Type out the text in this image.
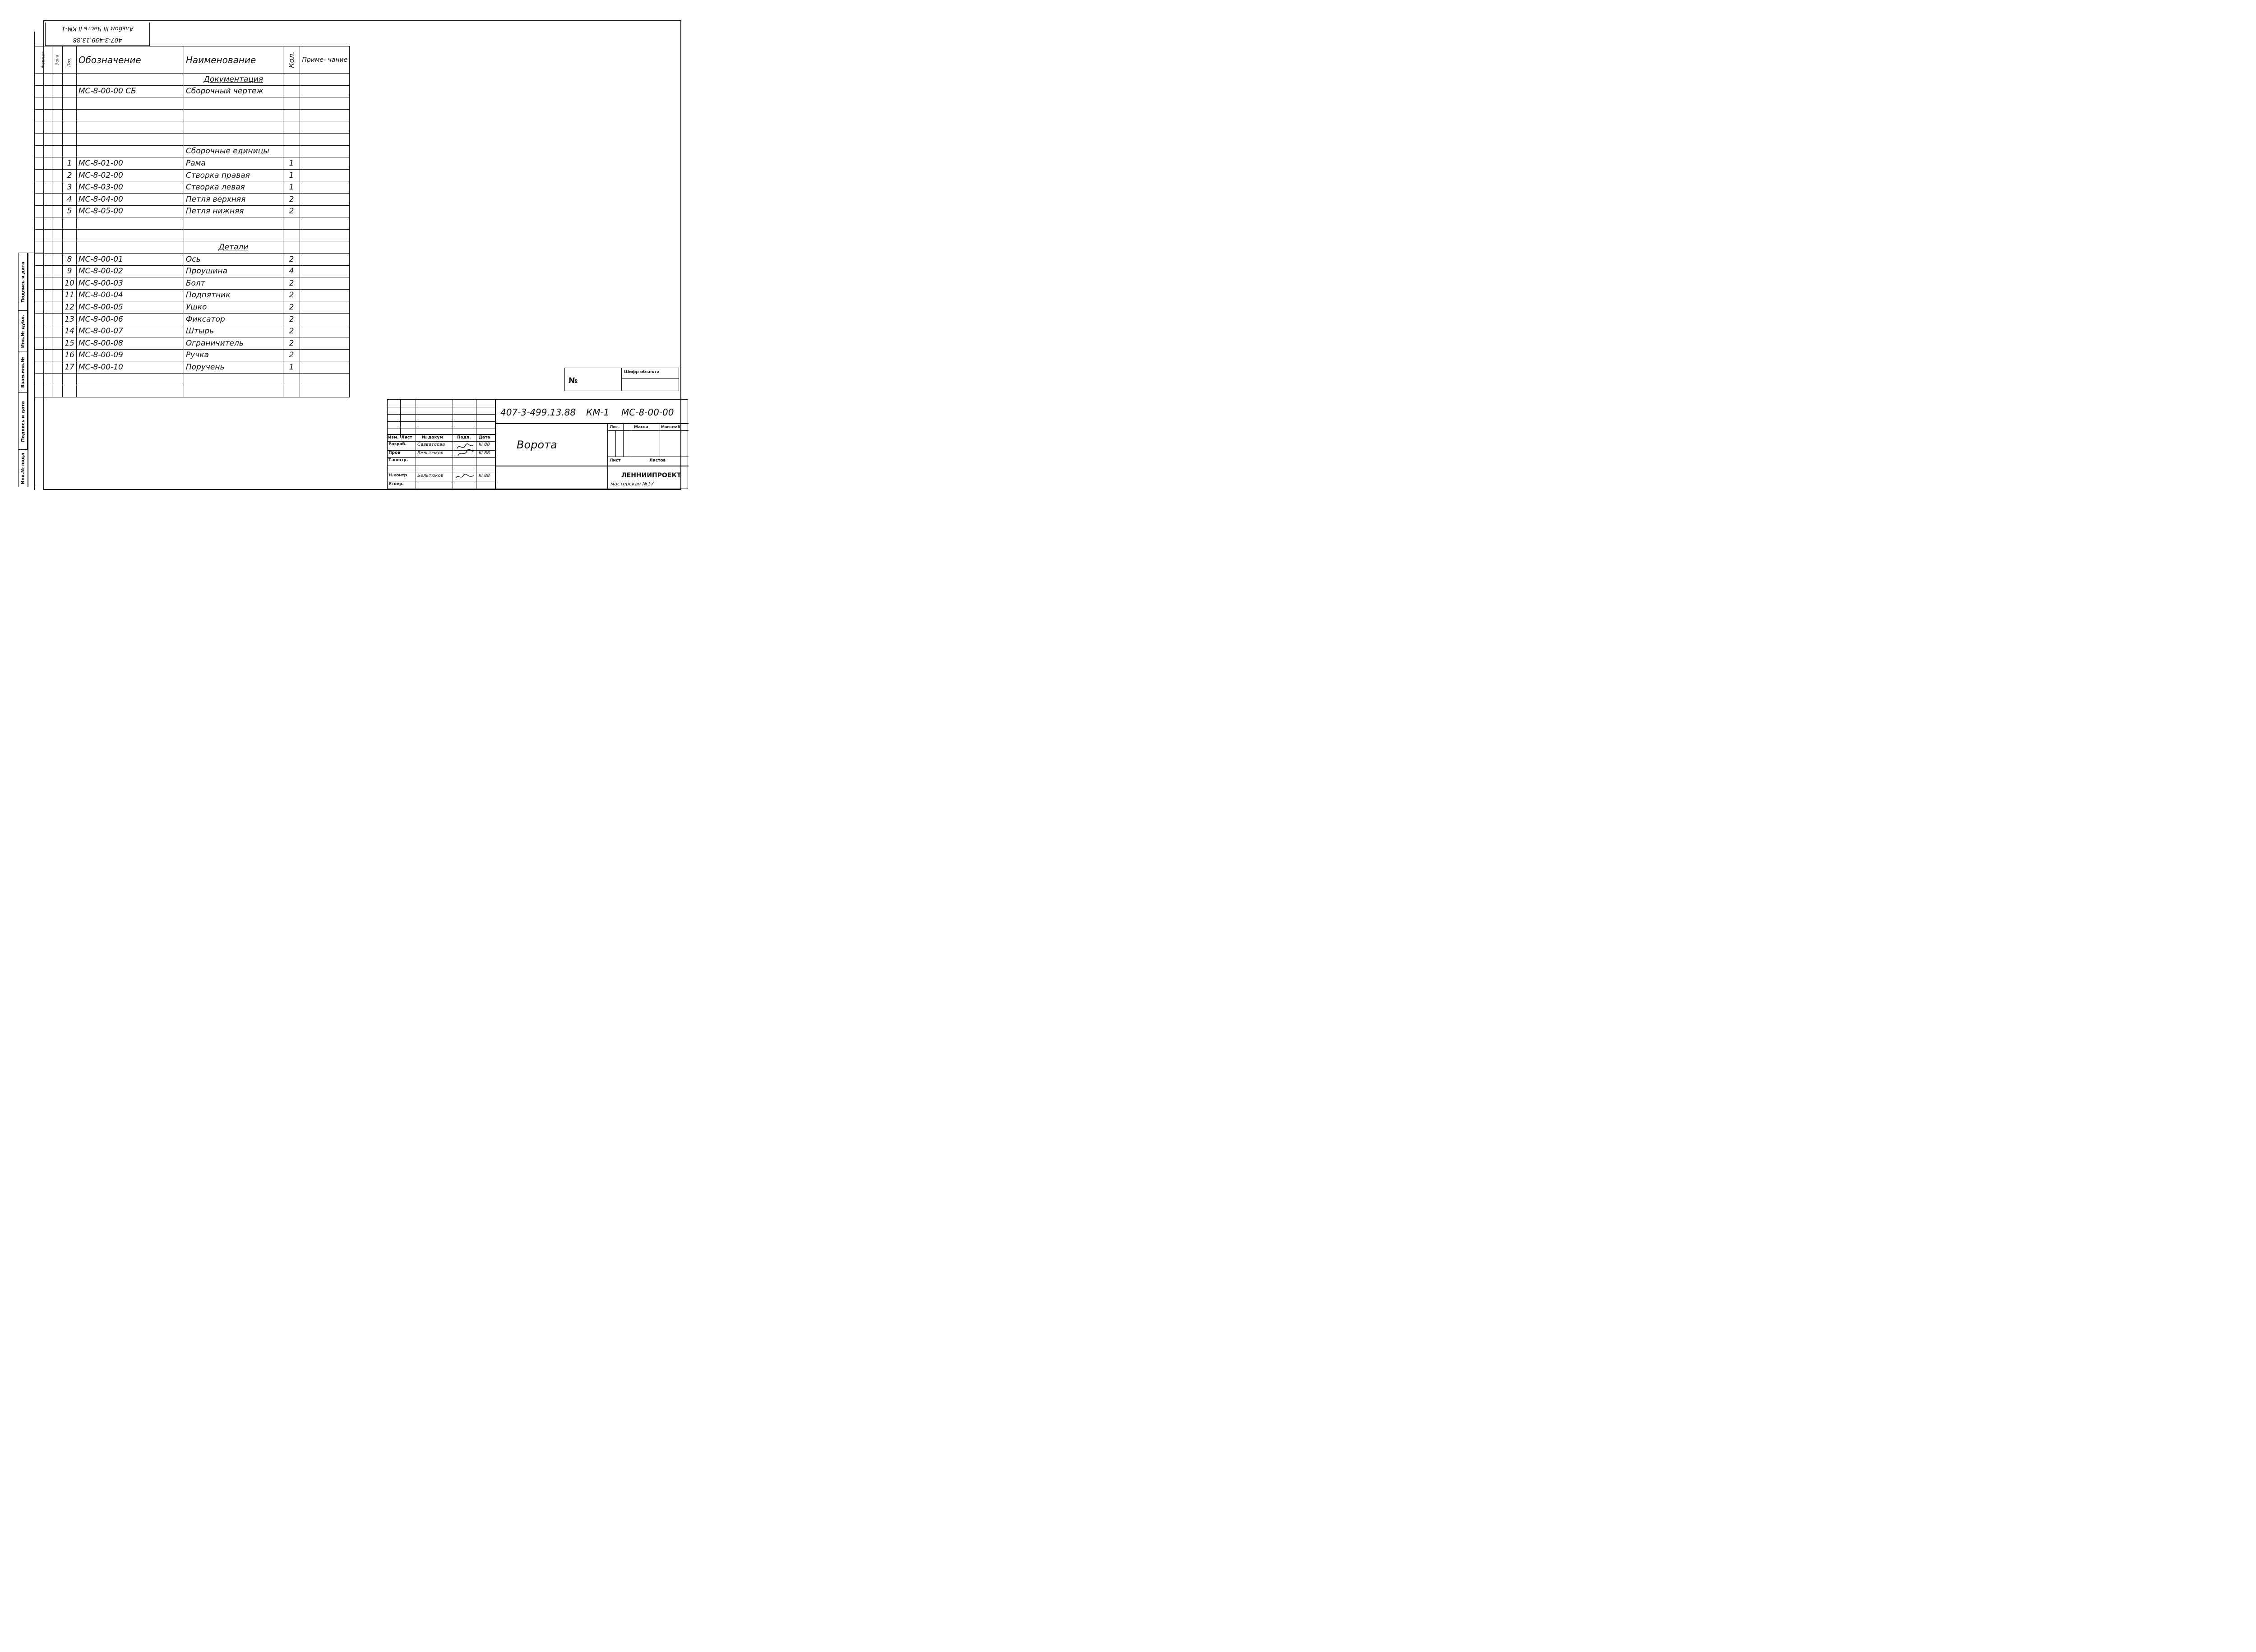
Альбом III Часть II КМ-1
407-3-499.13.88
Формат	Зона	Поз.	Обозначение	Наименование	Кол.	Приме- чание
				Документация		
			МС-8-00-00 СБ	Сборочный чертеж		

				Сборочные единицы		
		1	МС-8-01-00	Рама	1	
		2	МС-8-02-00	Створка правая	1	
		3	МС-8-03-00	Створка левая	1	
		4	МС-8-04-00	Петля верхняя	2	
		5	МС-8-05-00	Петля нижняя	2	

				Детали		
		8	МС-8-00-01	Ось	2	
		9	МС-8-00-02	Проушина	4	
		10	МС-8-00-03	Болт	2	
		11	МС-8-00-04	Подпятник	2	
		12	МС-8-00-05	Ушко	2	
		13	МС-8-00-06	Фиксатор	2	
		14	МС-8-00-07	Штырь	2	
		15	МС-8-00-08	Ограничитель	2	
		16	МС-8-00-09	Ручка	2	
		17	МС-8-00-10	Поручень	1	

Подпись и дата
Инв.№ дубл.
Взам.инв.№
Подпись и дата
Инв.№ подл
№
Шифр объекта
407-3-499.13.88 КМ-1 МС-8-00-00
Ворота
Изм. Лист № докум	Подп. Дата
Разраб. Савватеева	III 88
Пров	Бельтюков	III 88
Т.контр.
Н.контр Бельтюков	III 88
Утвер.
Лит.	Масса	Масштаб
Лист	Листов
ЛЕННИИПРОЕКТ
мастерская №17
